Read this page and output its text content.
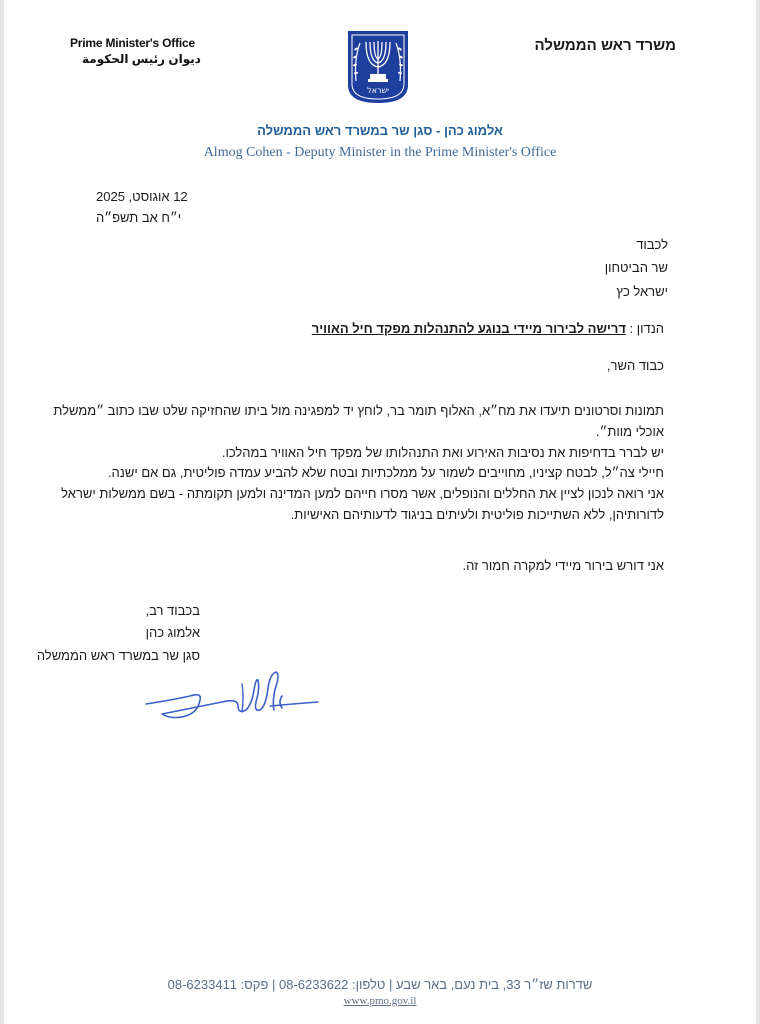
Prime Minister's Office
ديوان رئيس الحكومة
משרד ראש הממשלה
ישראל
אלמוג כהן - סגן שר במשרד ראש הממשלה
Almog Cohen - Deputy Minister in the Prime Minister's Office
12 אוגוסט, 2025
י״ח אב תשפ״ה
לכבוד
שר הביטחון
ישראל כץ
הנדון : דרישה לבירור מיידי בנוגע להתנהלות מפקד חיל האוויר
כבוד השר,
תמונות וסרטונים תיעדו את מח״א, האלוף תומר בר, לוחץ יד למפגינה מול ביתו שהחזיקה שלט שבו כתוב ״ממשלת אוכלי מוות״.
יש לברר בדחיפות את נסיבות האירוע ואת התנהלותו של מפקד חיל האוויר במהלכו.
חיילי צה״ל, לבטח קציניו, מחוייבים לשמור על ממלכתיות ובטח שלא להביע עמדה פוליטית, גם אם ישנה.
אני רואה לנכון לציין את החללים והנופלים, אשר מסרו חייהם למען המדינה ולמען תקומתה - בשם ממשלות ישראל לדורותיהן, ללא השתייכות פוליטית ולעיתים בניגוד לדעותיהם האישיות.
אני דורש בירור מיידי למקרה חמור זה.
בכבוד רב,
אלמוג כהן
סגן שר במשרד ראש הממשלה
שדרות שז״ר 33, בית נעם, באר שבע | טלפון: 08-6233622 | פקס: 08-6233411
www.pmo.gov.il
